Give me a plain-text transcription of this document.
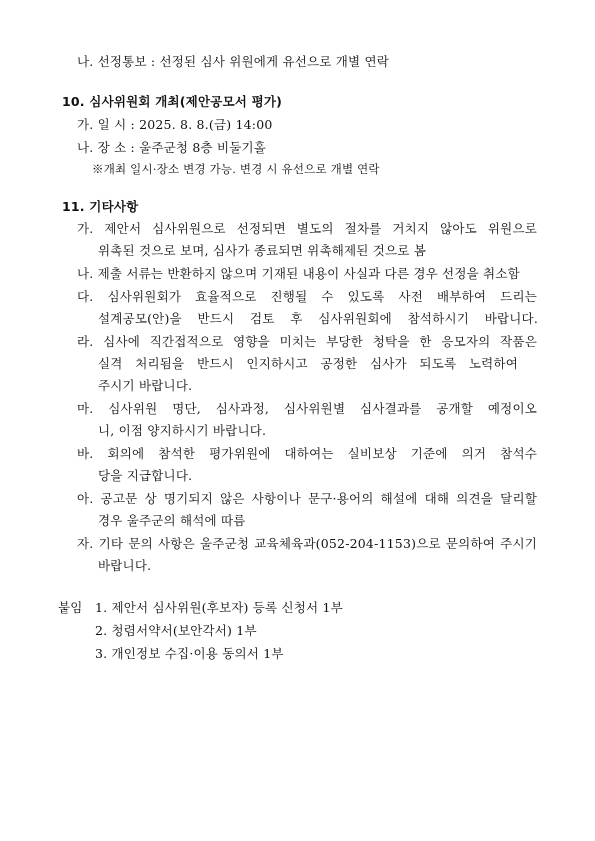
나. 선정통보 : 선정된 심사 위원에게 유선으로 개별 연락
10. 심사위원회 개최(제안공모서 평가)
가. 일 시 : 2025. 8. 8.(금) 14:00
나. 장 소 : 울주군청 8층 비둘기홀
※개최 일시·장소 변경 가능. 변경 시 유선으로 개별 연락
11. 기타사항
가. 제안서 심사위원으로 선정되면 별도의 절차를 거치지 않아도 위원으로
위촉된 것으로 보며, 심사가 종료되면 위촉해제된 것으로 봄
나. 제출 서류는 반환하지 않으며 기재된 내용이 사실과 다른 경우 선정을 취소함
다. 심사위원회가 효율적으로 진행될 수 있도록 사전 배부하여 드리는
설계공모(안)을 반드시 검토 후 심사위원회에 참석하시기 바랍니다.
라. 심사에 직간접적으로 영향을 미치는 부당한 청탁을 한 응모자의 작품은
실격 처리됨을 반드시 인지하시고 공정한 심사가 되도록 노력하여
주시기 바랍니다.
마. 심사위원 명단, 심사과정, 심사위원별 심사결과를 공개할 예정이오
니, 이점 양지하시기 바랍니다.
바. 회의에 참석한 평가위원에 대하여는 실비보상 기준에 의거 참석수
당을 지급합니다.
아. 공고문 상 명기되지 않은 사항이나 문구·용어의 해설에 대해 의견을 달리할
경우 울주군의 해석에 따름
자. 기타 문의 사항은 울주군청 교육체육과(052-204-1153)으로 문의하여 주시기
바랍니다.
붙임 1. 제안서 심사위원(후보자) 등록 신청서 1부
2. 청렴서약서(보안각서) 1부
3. 개인정보 수집·이용 동의서 1부
